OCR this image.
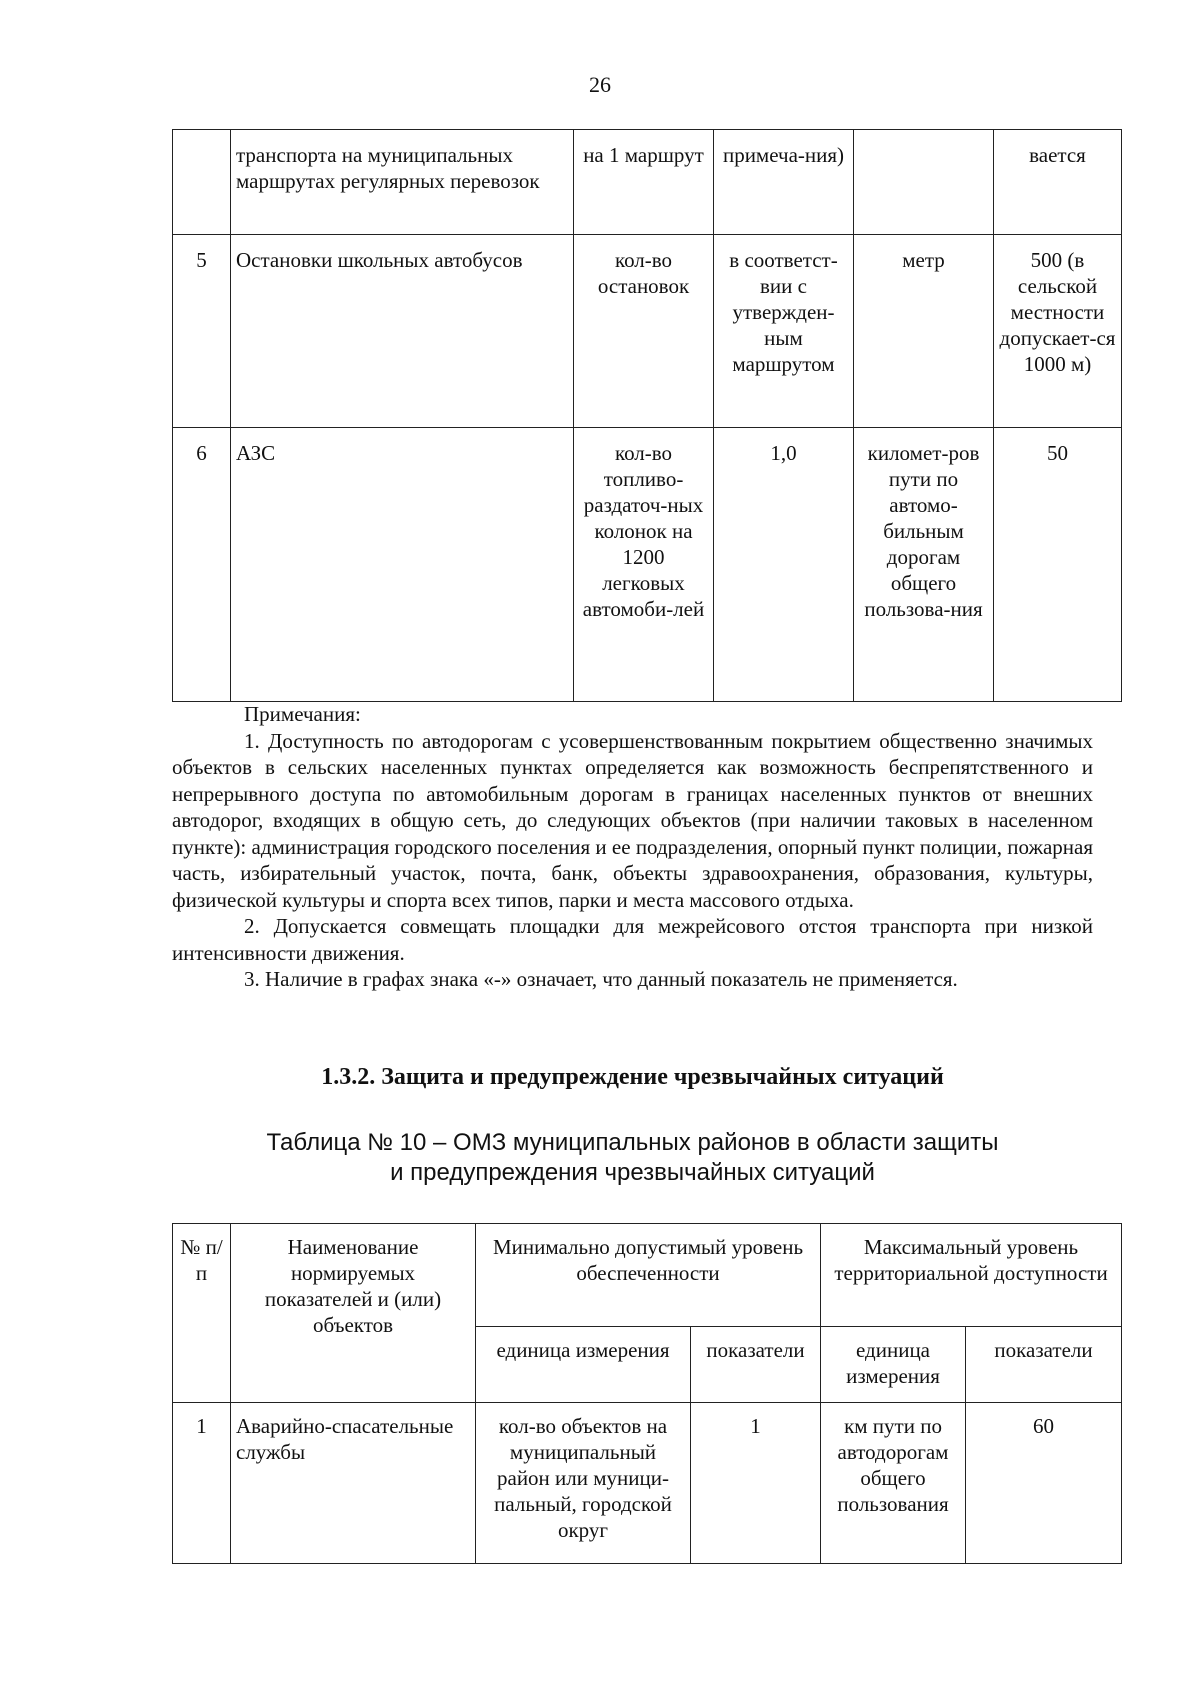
26
	транспорта на муниципальных маршрутах регулярных перевозок	на 1 маршрут	примеча-ния)		вается
5	Остановки школьных автобусов	кол-во остановок	в соответст-вии с утвержден-ным маршрутом	метр	500 (в сельской местности допускает-ся 1000 м)
6	АЗС	кол-во топливо-раздаточ-ных колонок на 1200 легковых автомоби-лей	1,0	километ-ров пути по автомо-бильным дорогам общего пользова-ния	50

Примечания:

1. Доступность по автодорогам с усовершенствованным покрытием общественно значимых объектов в сельских населенных пунктах определяется как возможность беспрепятственного и непрерывного доступа по автомобильным дорогам в границах населенных пунктов от внешних автодорог, входящих в общую сеть, до следующих объектов (при наличии таковых в населенном пункте): администрация городского поселения и ее подразделения, опорный пункт полиции, пожарная часть, избирательный участок, почта, банк, объекты здравоохранения, образования, культуры, физической культуры и спорта всех типов, парки и места массового отдыха.

2. Допускается совмещать площадки для межрейсового отстоя транспорта при низкой интенсивности движения.

3. Наличие в графах знака «-» означает, что данный показатель не применяется.

1.3.2. Защита и предупреждение чрезвычайных ситуаций
Таблица № 10 – ОМЗ муниципальных районов в области защиты
и предупреждения чрезвычайных ситуаций
№ п/п	Наименование нормируемых показателей и (или) объектов	Минимально допустимый уровень обеспеченности		Максимальный уровень территориальной доступности	
		единица измерения	показатели	единица измерения	показатели
1	Аварийно-спасательные службы	кол-во объектов на муниципальный район или муници-пальный, городской округ	1	км пути по автодорогам общего пользования	60
